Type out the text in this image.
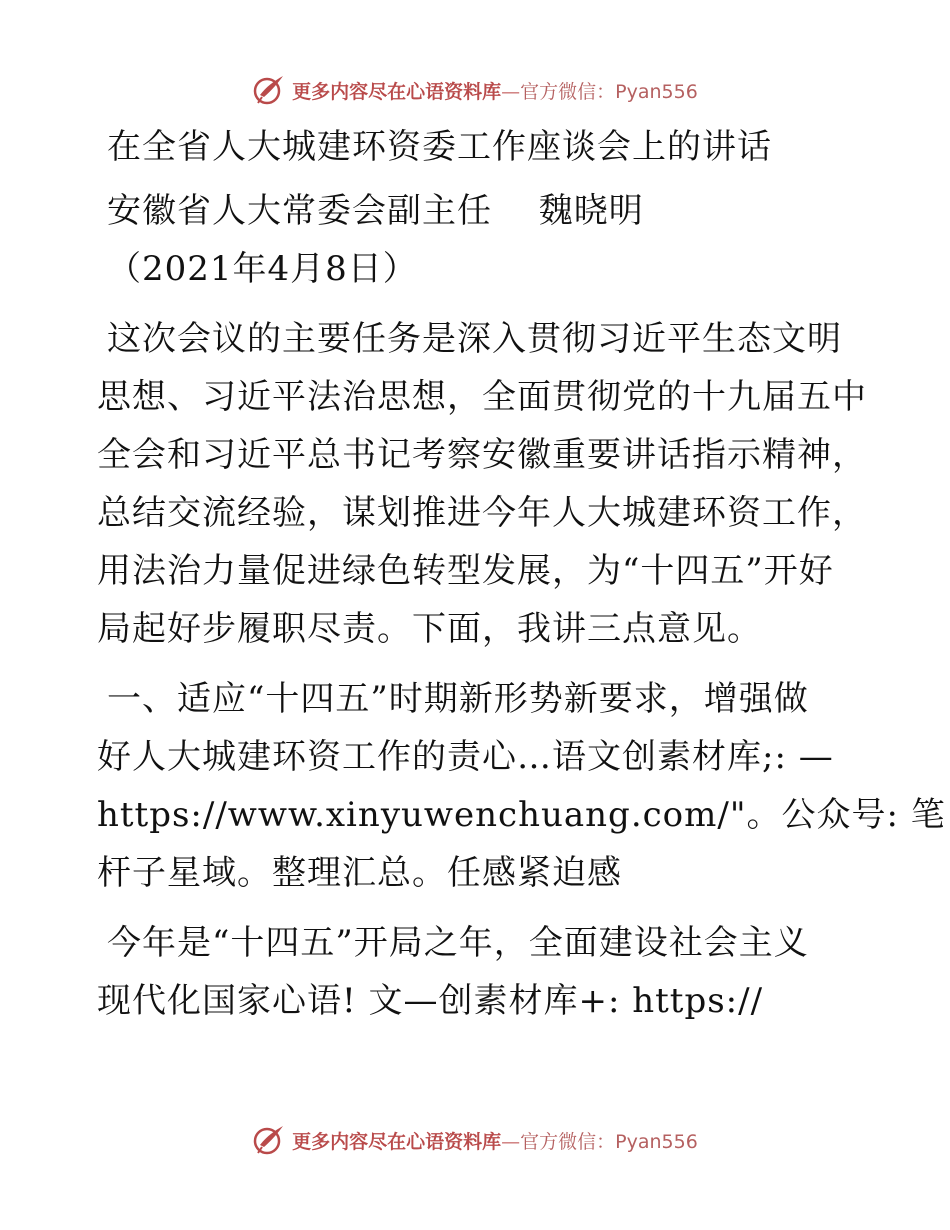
更多内容尽在心语资料库—官方微信：Pyan556
在全省人大城建环资委工作座谈会上的讲话
安徽省人大常委会副主任　 魏晓明
（2021年4月8日）
这次会议的主要任务是深入贯彻习近平生态文明
思想、习近平法治思想，全面贯彻党的十九届五中
全会和习近平总书记考察安徽重要讲话指示精神，
总结交流经验，谋划推进今年人大城建环资工作，
用法治力量促进绿色转型发展，为“十四五”开好
局起好步履职尽责。下面，我讲三点意见。
一、适应“十四五”时期新形势新要求，增强做
好人大城建环资工作的责心…语文创素材库;: —
https://www.xinyuwenchuang.com/"。公众号: 笔
杆子星域。整理汇总。任感紧迫感
今年是“十四五”开局之年，全面建设社会主义
现代化国家心语! 文—创素材库+: https://
更多内容尽在心语资料库—官方微信：Pyan556
